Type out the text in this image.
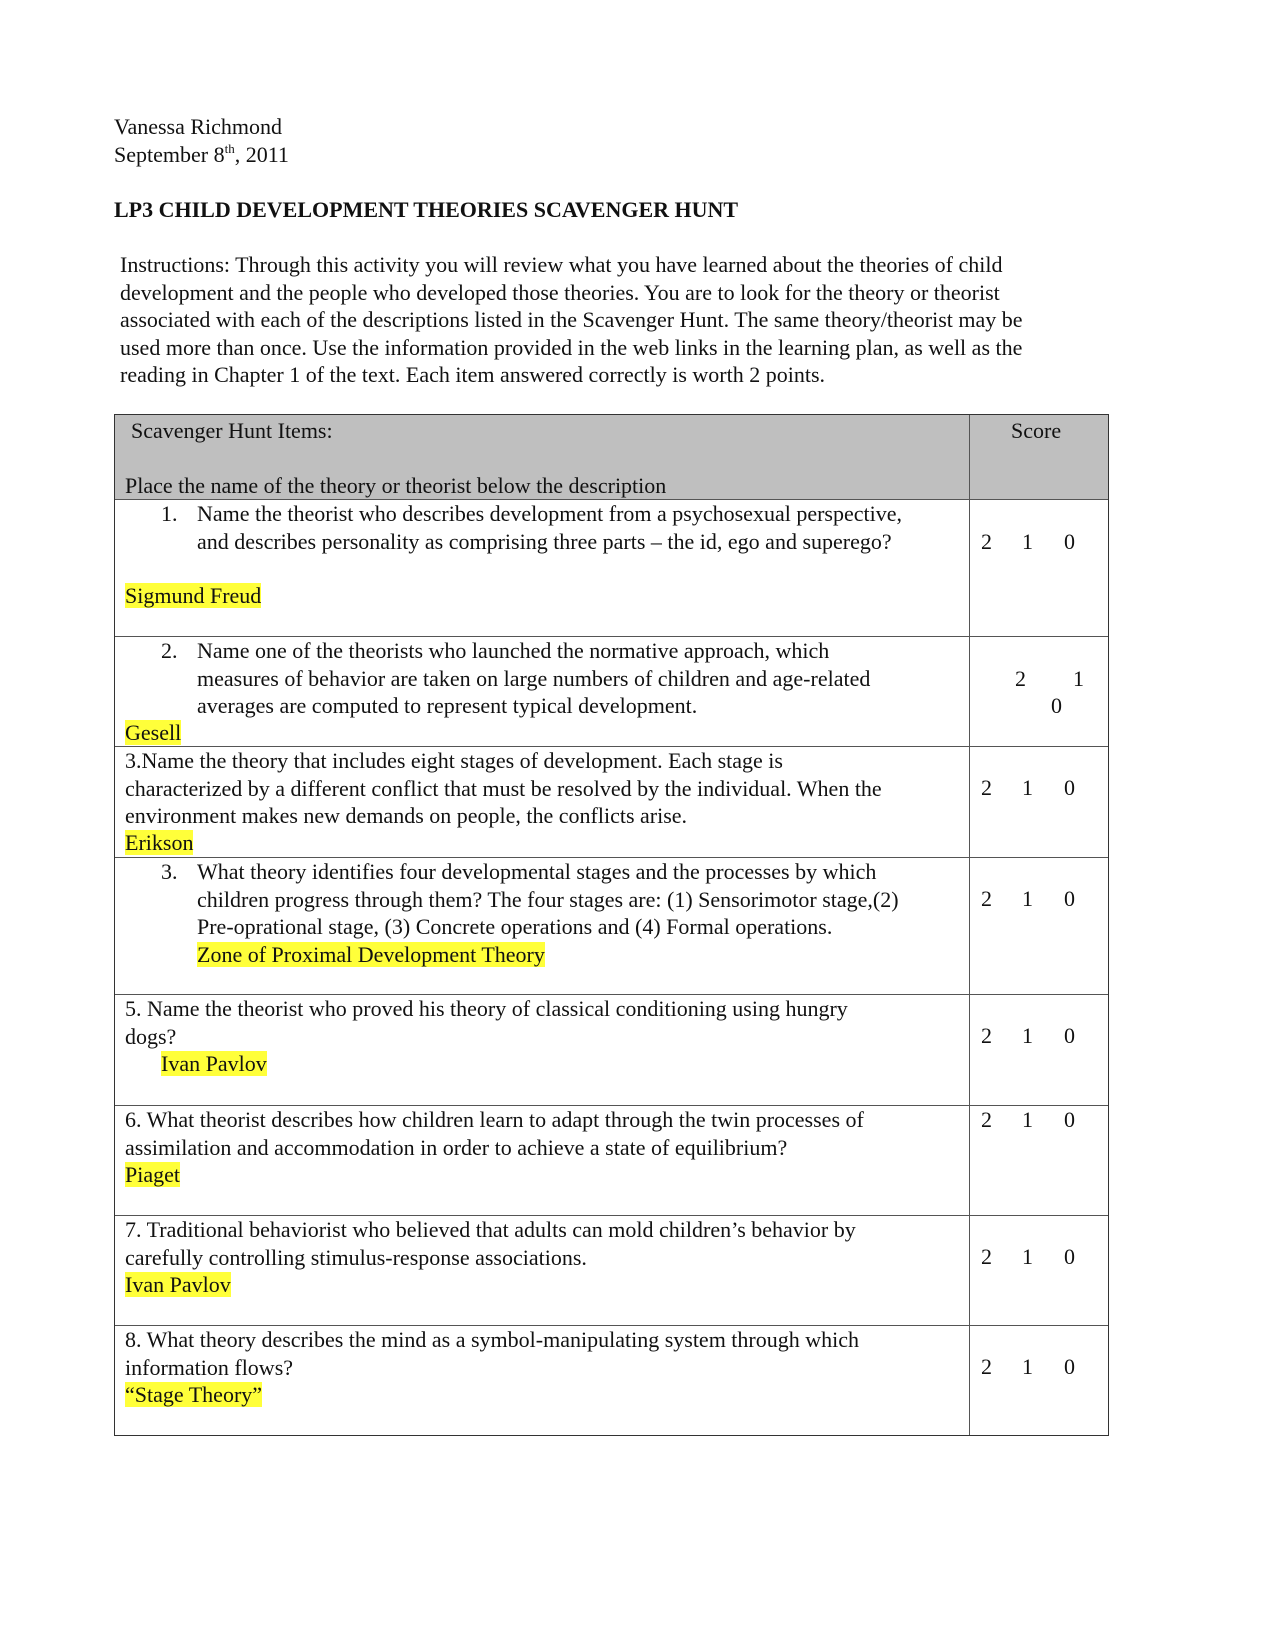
Vanessa Richmond
September 8th, 2011
LP3 CHILD DEVELOPMENT THEORIES SCAVENGER HUNT
Instructions: Through this activity you will review what you have learned about the theories of child
development and the people who developed those theories. You are to look for the theory or theorist
associated with each of the descriptions listed in the Scavenger Hunt. The same theory/theorist may be
used more than once. Use the information provided in the web links in the learning plan, as well as the
reading in Chapter 1 of the text. Each item answered correctly is worth 2 points.
Scavenger Hunt Items:
Place the name of the theory or theorist below the description
Score
1. Name the theorist who describes development from a psychosexual perspective,
and describes personality as comprising three parts – the id, ego and superego?
Sigmund Freud
2 1 0
2. Name one of the theorists who launched the normative approach, which
measures of behavior are taken on large numbers of children and age-related
averages are computed to represent typical development.
Gesell
2 1
0
3.Name the theory that includes eight stages of development. Each stage is
characterized by a different conflict that must be resolved by the individual. When the
environment makes new demands on people, the conflicts arise.
Erikson
2 1 0
3. What theory identifies four developmental stages and the processes by which
children progress through them? The four stages are: (1) Sensorimotor stage,(2)
Pre-oprational stage, (3) Concrete operations and (4) Formal operations.
Zone of Proximal Development Theory
2 1 0
5. Name the theorist who proved his theory of classical conditioning using hungry
dogs?
Ivan Pavlov
2 1 0
6. What theorist describes how children learn to adapt through the twin processes of
assimilation and accommodation in order to achieve a state of equilibrium?
Piaget
2 1 0
7. Traditional behaviorist who believed that adults can mold children’s behavior by
carefully controlling stimulus-response associations.
Ivan Pavlov
2 1 0
8. What theory describes the mind as a symbol-manipulating system through which
information flows?
“Stage Theory”
2 1 0
